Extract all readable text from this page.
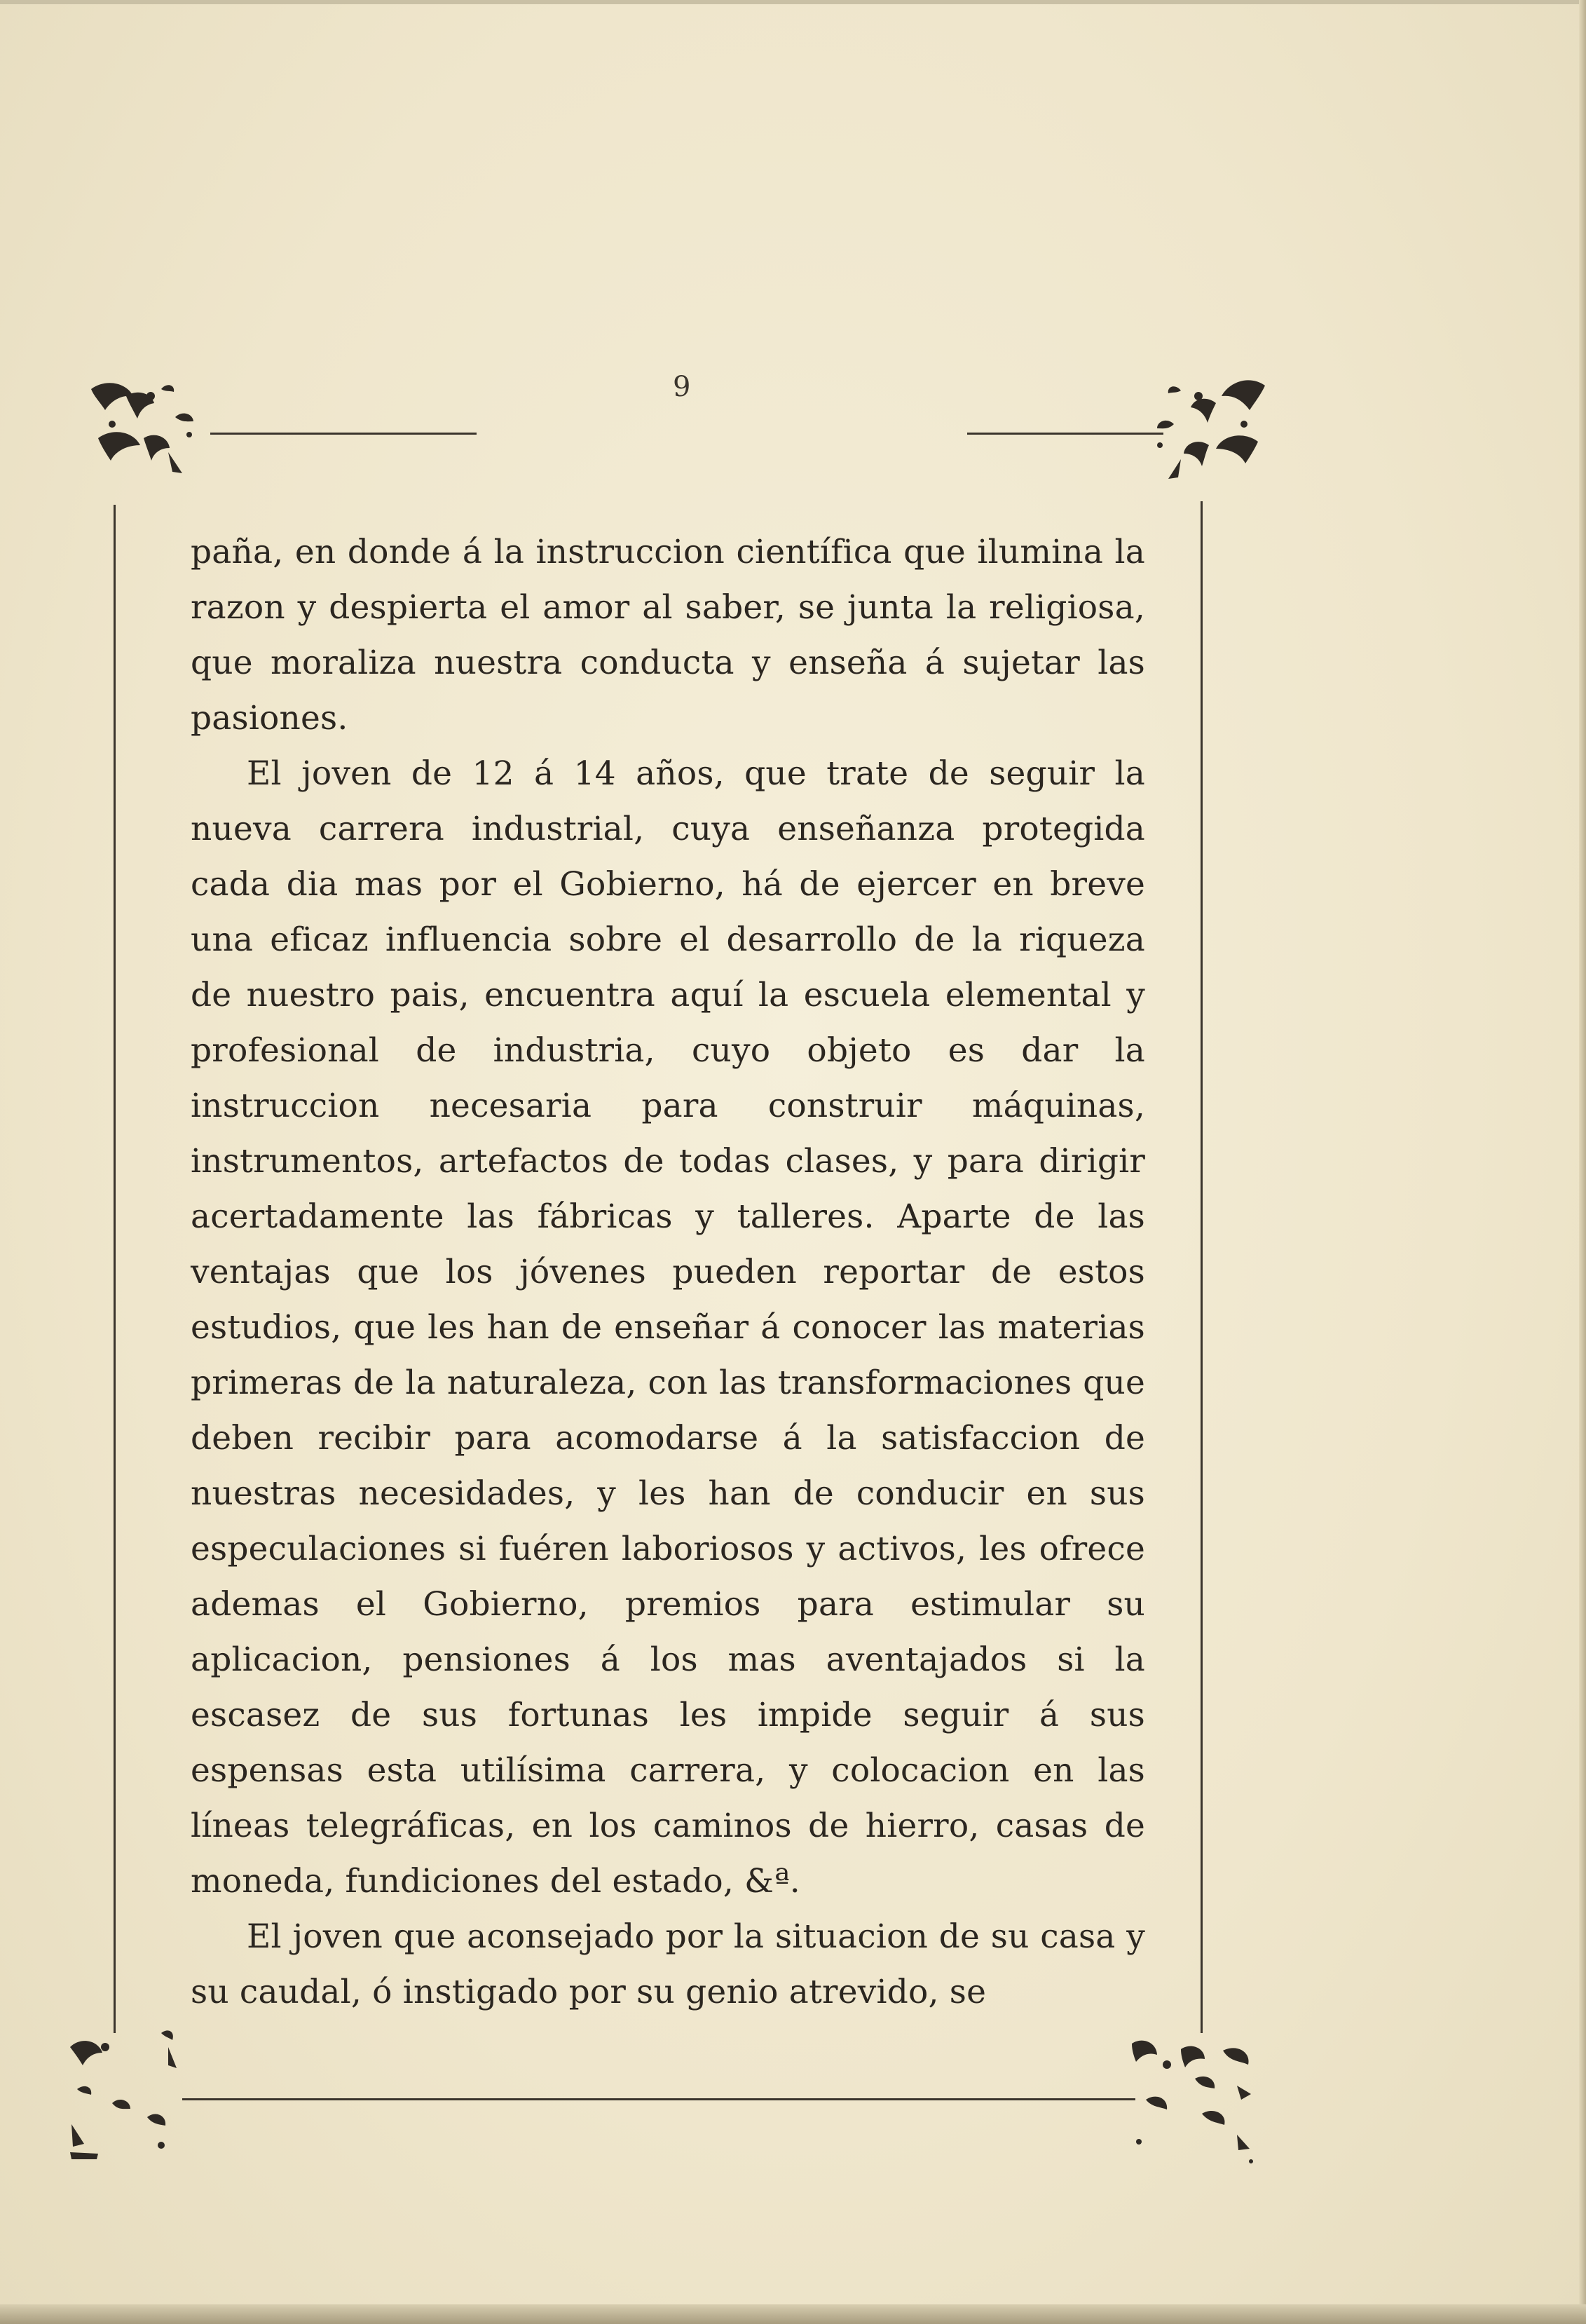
9

paña, en donde á la instruccion científica que ilumina la razon y despierta el amor al saber, se junta la religiosa, que moraliza nuestra conducta y enseña á sujetar las pasiones.

El joven de 12 á 14 años, que trate de seguir la nueva carrera industrial, cuya enseñanza protegida cada dia mas por el Gobierno, há de ejercer en breve una eficaz influencia sobre el desarrollo de la riqueza de nuestro pais, encuentra aquí la escuela elemental y profesional de industria, cuyo objeto es dar la instruccion necesaria para construir máquinas, instrumentos, artefactos de todas clases, y para dirigir acertadamente las fábricas y talleres. Aparte de las ventajas que los jóvenes pueden reportar de estos estudios, que les han de enseñar á conocer las materias primeras de la naturaleza, con las transformaciones que deben recibir para acomodarse á la satisfaccion de nuestras necesidades, y les han de conducir en sus especulaciones si fuéren laboriosos y activos, les ofrece ademas el Gobierno, premios para estimular su aplicacion, pensiones á los mas aventajados si la escasez de sus fortunas les impide seguir á sus espensas esta utilísima carrera, y colocacion en las líneas telegráficas, en los caminos de hierro, casas de moneda, fundiciones del estado, &ª.

El joven que aconsejado por la situacion de su casa y su caudal, ó instigado por su genio atrevido, se
